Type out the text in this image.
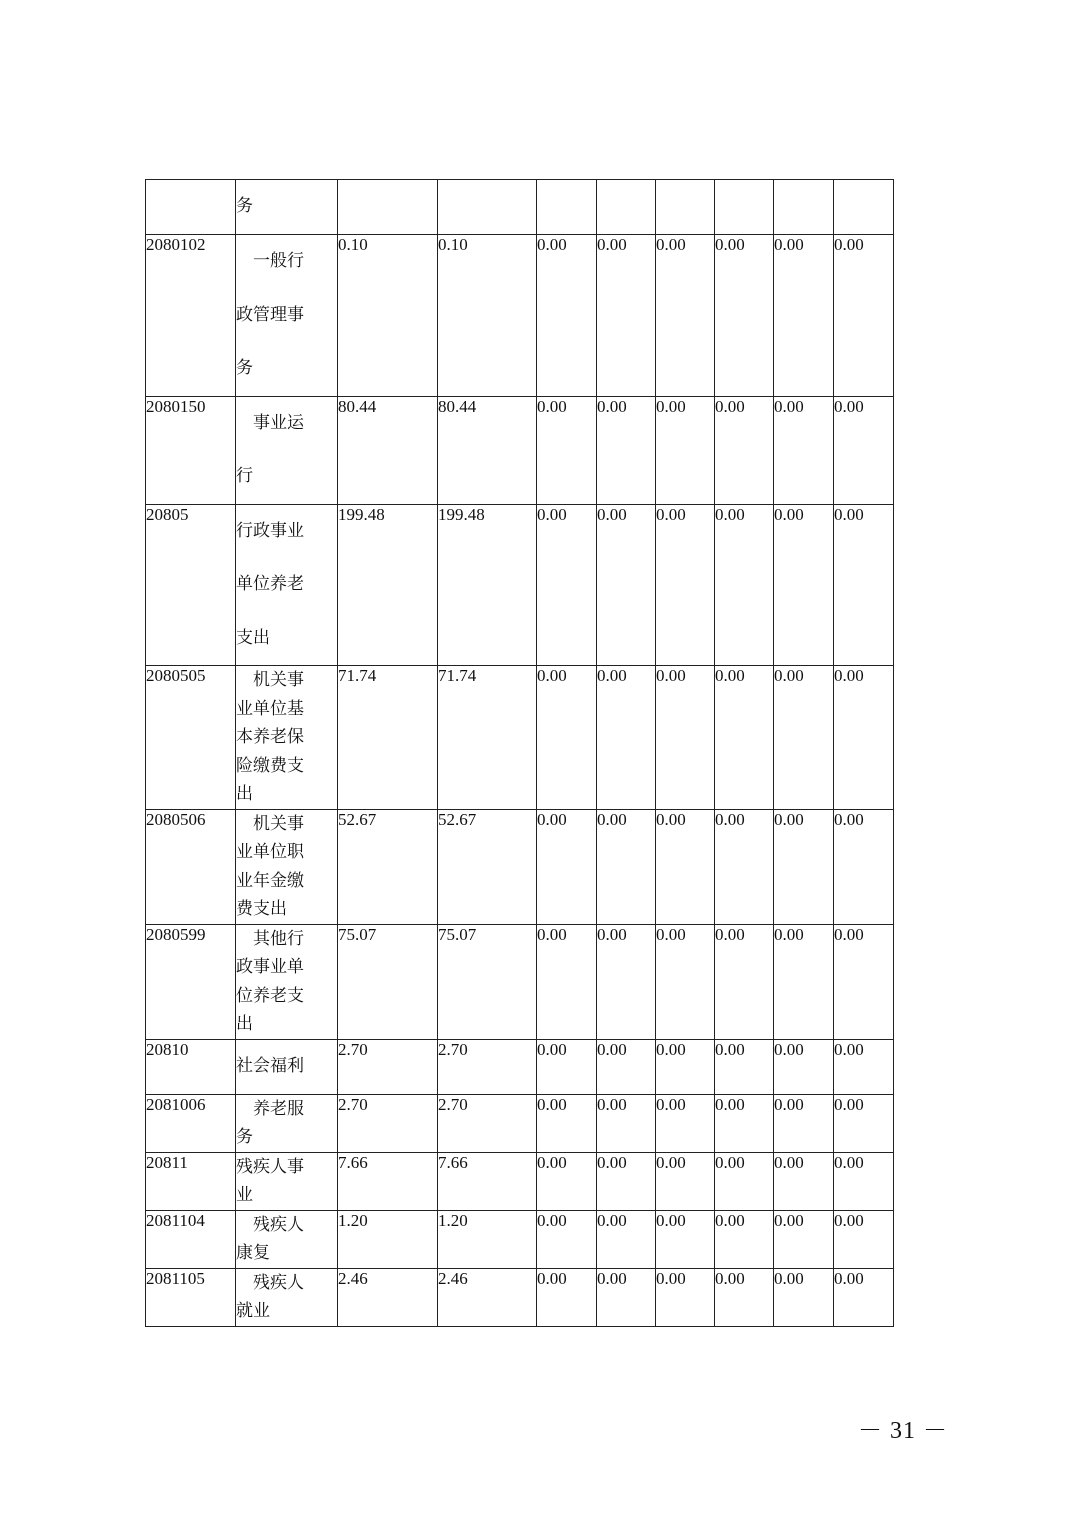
	务								

2080102	　一般行
政管理事
务	0.10	0.10	0.00	0.00	0.00	0.00	0.00	0.00
2080150	　事业运
行	80.44	80.44	0.00	0.00	0.00	0.00	0.00	0.00
20805	行政事业
单位养老
支出	199.48	199.48	0.00	0.00	0.00	0.00	0.00	0.00
2080505	　机关事
业单位基
本养老保
险缴费支
出	71.74	71.74	0.00	0.00	0.00	0.00	0.00	0.00
2080506	　机关事
业单位职
业年金缴
费支出	52.67	52.67	0.00	0.00	0.00	0.00	0.00	0.00
2080599	　其他行
政事业单
位养老支
出	75.07	75.07	0.00	0.00	0.00	0.00	0.00	0.00
20810	社会福利	2.70	2.70	0.00	0.00	0.00	0.00	0.00	0.00
2081006	　养老服
务	2.70	2.70	0.00	0.00	0.00	0.00	0.00	0.00
20811	残疾人事
业	7.66	7.66	0.00	0.00	0.00	0.00	0.00	0.00
2081104	　残疾人
康复	1.20	1.20	0.00	0.00	0.00	0.00	0.00	0.00
2081105	　残疾人
就业	2.46	2.46	0.00	0.00	0.00	0.00	0.00	0.00
－ 31 －
